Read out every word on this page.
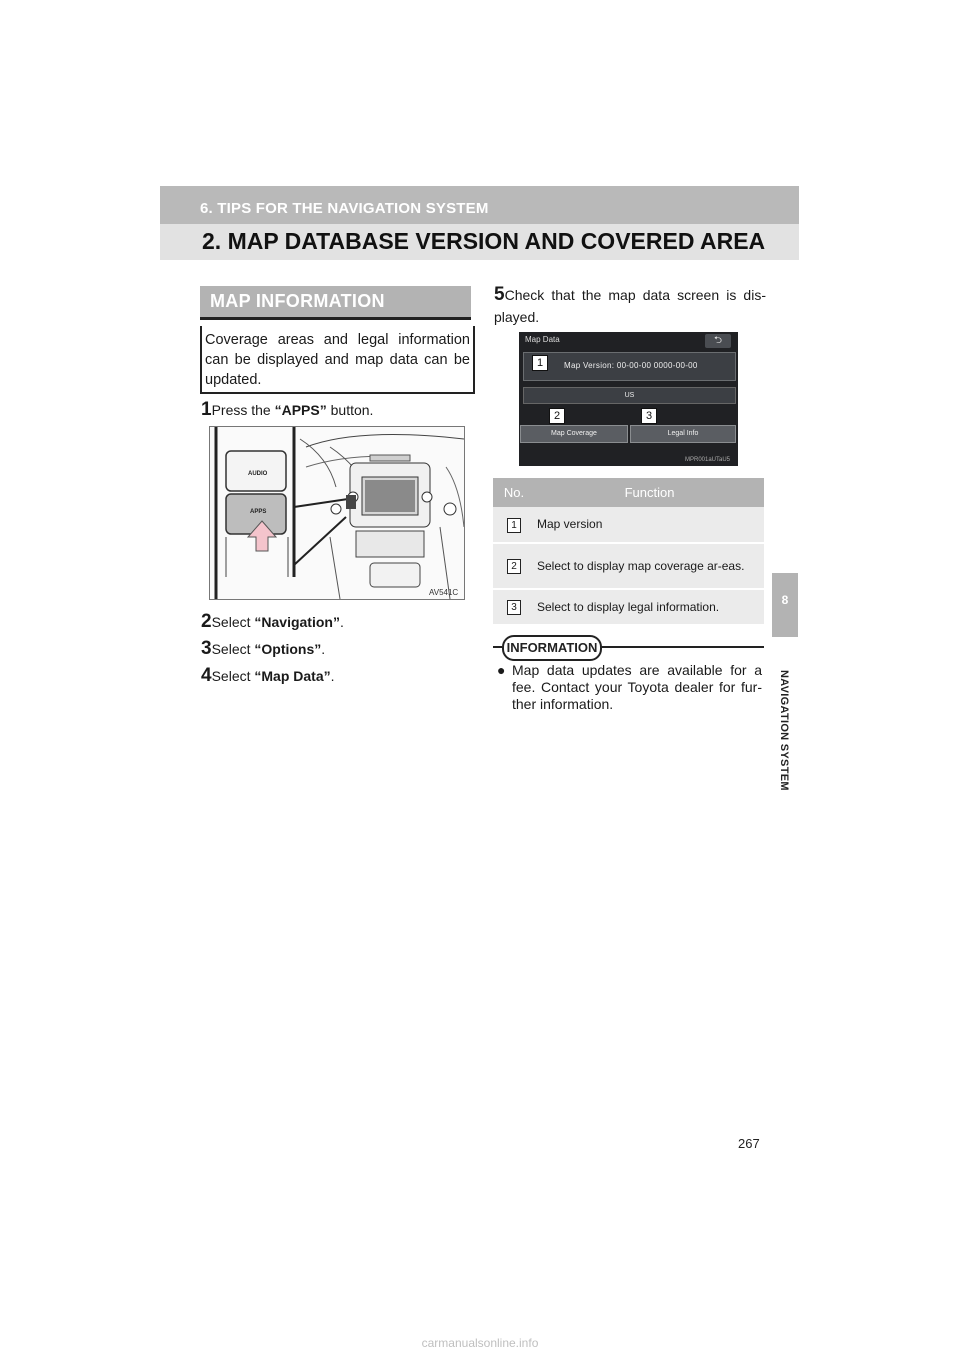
6. TIPS FOR THE NAVIGATION SYSTEM
2. MAP DATABASE VERSION AND COVERED AREA
8
NAVIGATION SYSTEM
MAP INFORMATION
Coverage areas and legal information can be displayed and map data can be updated.
1Press the “APPS” button.
AUDIO
APPS
AV541C
2Select “Navigation”.
3Select “Options”.
4Select “Map Data”.
5Check that the map data screen is dis-played.
Map Data	⮌
Map Version: 00-00-00 0000-00-00
US
Map Coverage	Legal Info
1
2	3
MPR001aUTaU5
No.	Function
1	Map version
2	Select to display map coverage ar-eas.
3	Select to display legal information.
INFORMATION
● Map data updates are available for a fee. Contact your Toyota dealer for fur-ther information.
267
carmanualsonline.info
